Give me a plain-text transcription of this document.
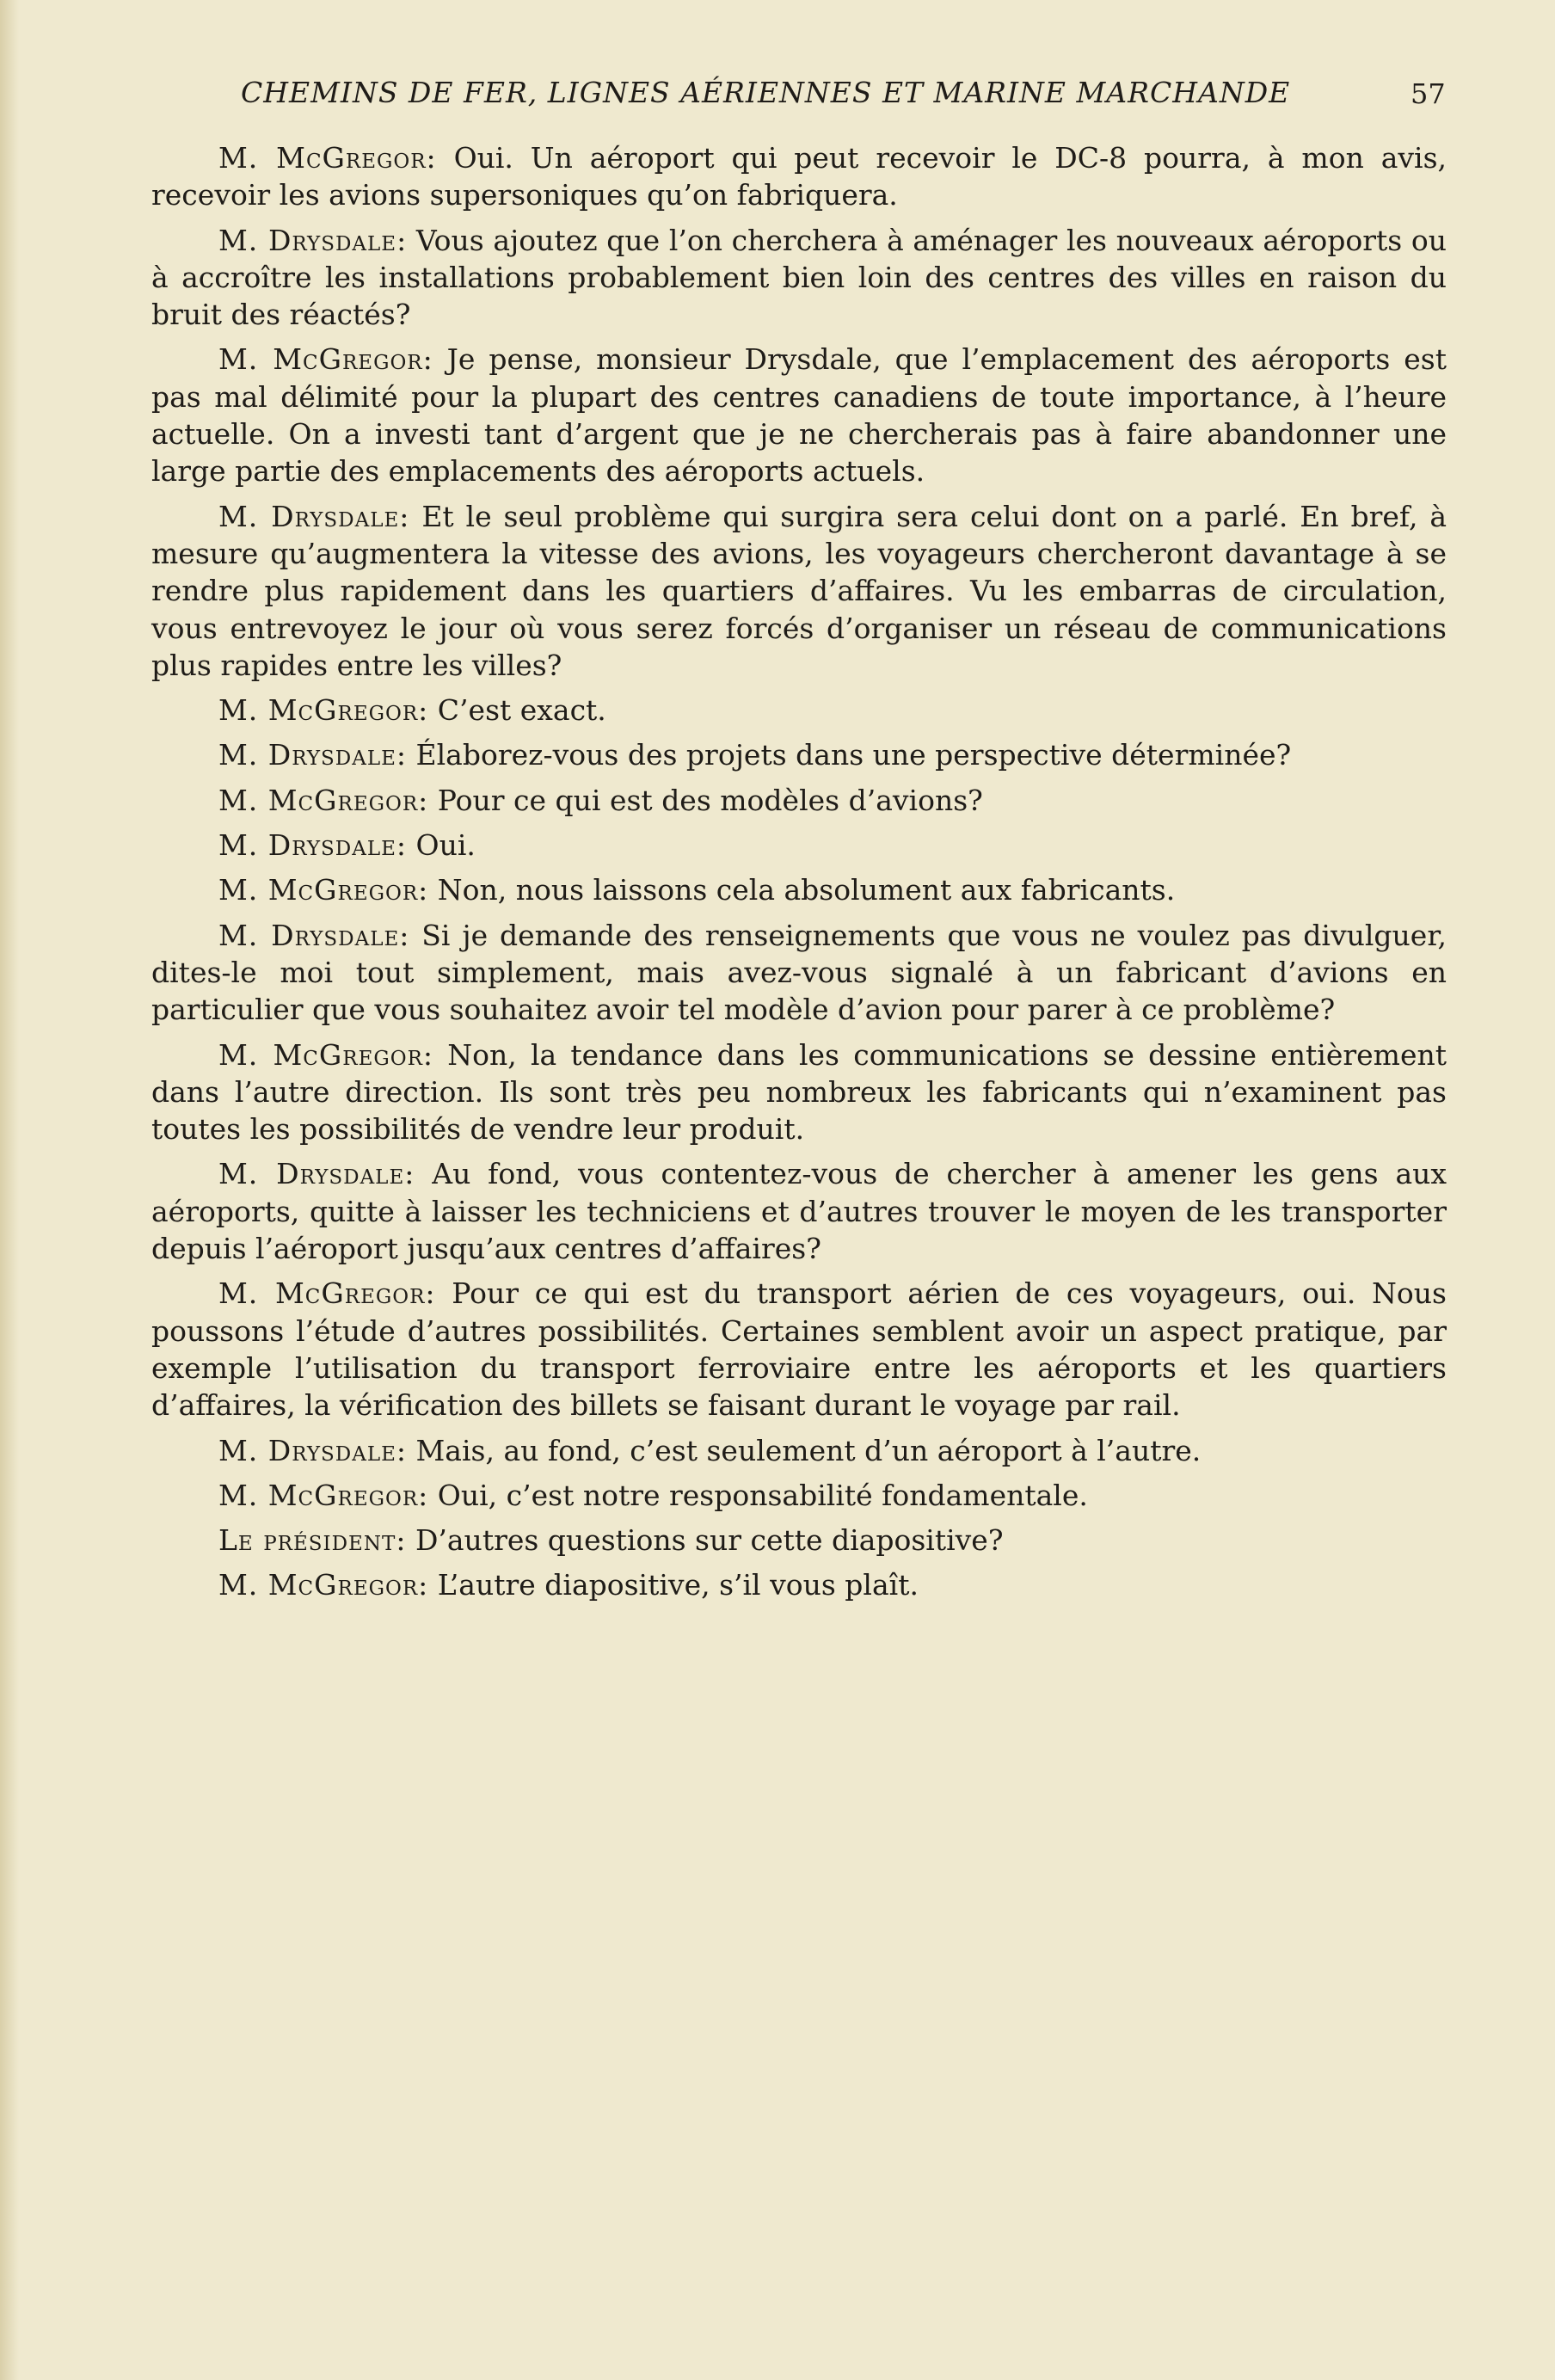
CHEMINS DE FER, LIGNES AÉRIENNES ET MARINE MARCHANDE	57

M. McGregor: Oui. Un aéroport qui peut recevoir le DC-8 pourra, à mon avis, recevoir les avions supersoniques qu’on fabriquera.

M. Drysdale: Vous ajoutez que l’on cherchera à aménager les nouveaux aéroports ou à accroître les installations probablement bien loin des centres des villes en raison du bruit des réactés?

M. McGregor: Je pense, monsieur Drysdale, que l’emplacement des aéroports est pas mal délimité pour la plupart des centres canadiens de toute importance, à l’heure actuelle. On a investi tant d’argent que je ne chercherais pas à faire abandonner une large partie des emplacements des aéroports actuels.

M. Drysdale: Et le seul problème qui surgira sera celui dont on a parlé. En bref, à mesure qu’augmentera la vitesse des avions, les voyageurs chercheront davantage à se rendre plus rapidement dans les quartiers d’affaires. Vu les embarras de circulation, vous entrevoyez le jour où vous serez forcés d’organiser un réseau de communications plus rapides entre les villes?

M. McGregor: C’est exact.

M. Drysdale: Élaborez-vous des projets dans une perspective déterminée?

M. McGregor: Pour ce qui est des modèles d’avions?

M. Drysdale: Oui.

M. McGregor: Non, nous laissons cela absolument aux fabricants.

M. Drysdale: Si je demande des renseignements que vous ne voulez pas divulguer, dites-le moi tout simplement, mais avez-vous signalé à un fabricant d’avions en particulier que vous souhaitez avoir tel modèle d’avion pour parer à ce problème?

M. McGregor: Non, la tendance dans les communications se dessine entièrement dans l’autre direction. Ils sont très peu nombreux les fabricants qui n’examinent pas toutes les possibilités de vendre leur produit.

M. Drysdale: Au fond, vous contentez-vous de chercher à amener les gens aux aéroports, quitte à laisser les techniciens et d’autres trouver le moyen de les transporter depuis l’aéroport jusqu’aux centres d’affaires?

M. McGregor: Pour ce qui est du transport aérien de ces voyageurs, oui. Nous poussons l’étude d’autres possibilités. Certaines semblent avoir un aspect pratique, par exemple l’utilisation du transport ferroviaire entre les aéroports et les quartiers d’affaires, la vérification des billets se faisant durant le voyage par rail.

M. Drysdale: Mais, au fond, c’est seulement d’un aéroport à l’autre.

M. McGregor: Oui, c’est notre responsabilité fondamentale.

Le président: D’autres questions sur cette diapositive?

M. McGregor: L’autre diapositive, s’il vous plaît.
